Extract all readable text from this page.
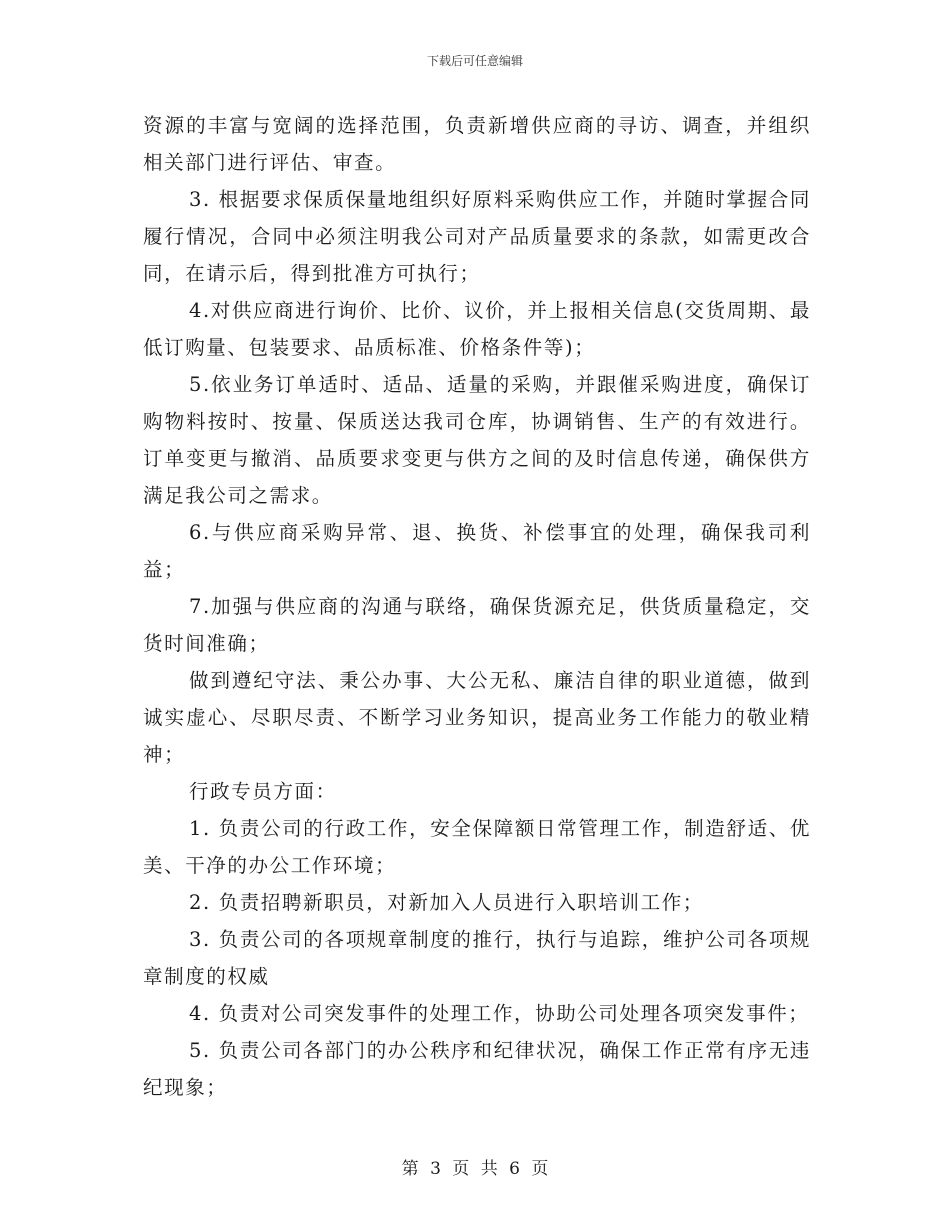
下载后可任意编辑

资源的丰富与宽阔的选择范围，负责新增供应商的寻访、调查，并组织相关部门进行评估、审查。

3. 根据要求保质保量地组织好原料采购供应工作，并随时掌握合同履行情况，合同中必须注明我公司对产品质量要求的条款，如需更改合同，在请示后，得到批准方可执行；

4.对供应商进行询价、比价、议价，并上报相关信息(交货周期、最低订购量、包装要求、品质标准、价格条件等)；

5.依业务订单适时、适品、适量的采购，并跟催采购进度，确保订购物料按时、按量、保质送达我司仓库，协调销售、生产的有效进行。订单变更与撤消、品质要求变更与供方之间的及时信息传递，确保供方满足我公司之需求。

6.与供应商采购异常、退、换货、补偿事宜的处理，确保我司利益；

7.加强与供应商的沟通与联络，确保货源充足，供货质量稳定，交货时间准确；

做到遵纪守法、秉公办事、大公无私、廉洁自律的职业道德，做到诚实虚心、尽职尽责、不断学习业务知识，提高业务工作能力的敬业精神；

行政专员方面：

1. 负责公司的行政工作，安全保障额日常管理工作，制造舒适、优美、干净的办公工作环境；

2. 负责招聘新职员，对新加入人员进行入职培训工作；

3. 负责公司的各项规章制度的推行，执行与追踪，维护公司各项规章制度的权威

4. 负责对公司突发事件的处理工作，协助公司处理各项突发事件；

5. 负责公司各部门的办公秩序和纪律状况，确保工作正常有序无违纪现象；

第 3 页 共 6 页
